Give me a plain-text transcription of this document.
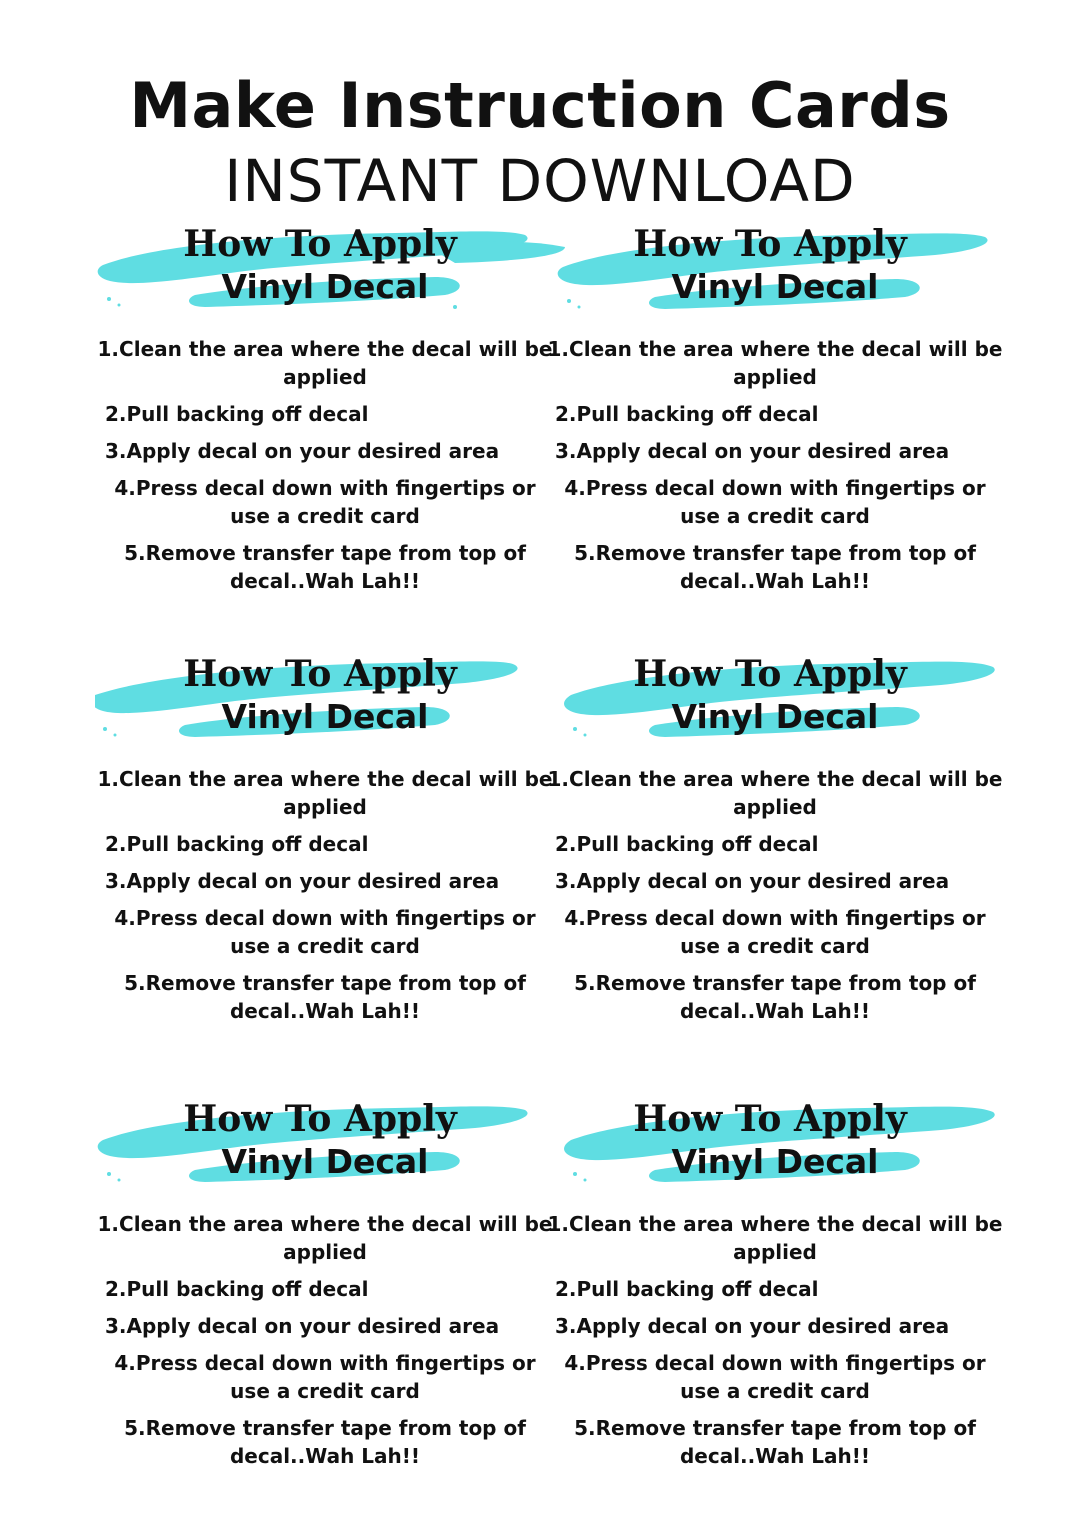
Make Instruction Cards
INSTANT DOWNLOAD
How To Apply
Vinyl Decal
1.Clean the area where the decal will be applied
2.Pull backing off decal
3.Apply decal on your desired area
4.Press decal down with fingertips or use a credit card
5.Remove transfer tape from top of decal..Wah Lah!!
How To Apply
Vinyl Decal
1.Clean the area where the decal will be applied
2.Pull backing off decal
3.Apply decal on your desired area
4.Press decal down with fingertips or use a credit card
5.Remove transfer tape from top of decal..Wah Lah!!
How To Apply
Vinyl Decal
1.Clean the area where the decal will be applied
2.Pull backing off decal
3.Apply decal on your desired area
4.Press decal down with fingertips or use a credit card
5.Remove transfer tape from top of decal..Wah Lah!!
How To Apply
Vinyl Decal
1.Clean the area where the decal will be applied
2.Pull backing off decal
3.Apply decal on your desired area
4.Press decal down with fingertips or use a credit card
5.Remove transfer tape from top of decal..Wah Lah!!
How To Apply
Vinyl Decal
1.Clean the area where the decal will be applied
2.Pull backing off decal
3.Apply decal on your desired area
4.Press decal down with fingertips or use a credit card
5.Remove transfer tape from top of decal..Wah Lah!!
How To Apply
Vinyl Decal
1.Clean the area where the decal will be applied
2.Pull backing off decal
3.Apply decal on your desired area
4.Press decal down with fingertips or use a credit card
5.Remove transfer tape from top of decal..Wah Lah!!
